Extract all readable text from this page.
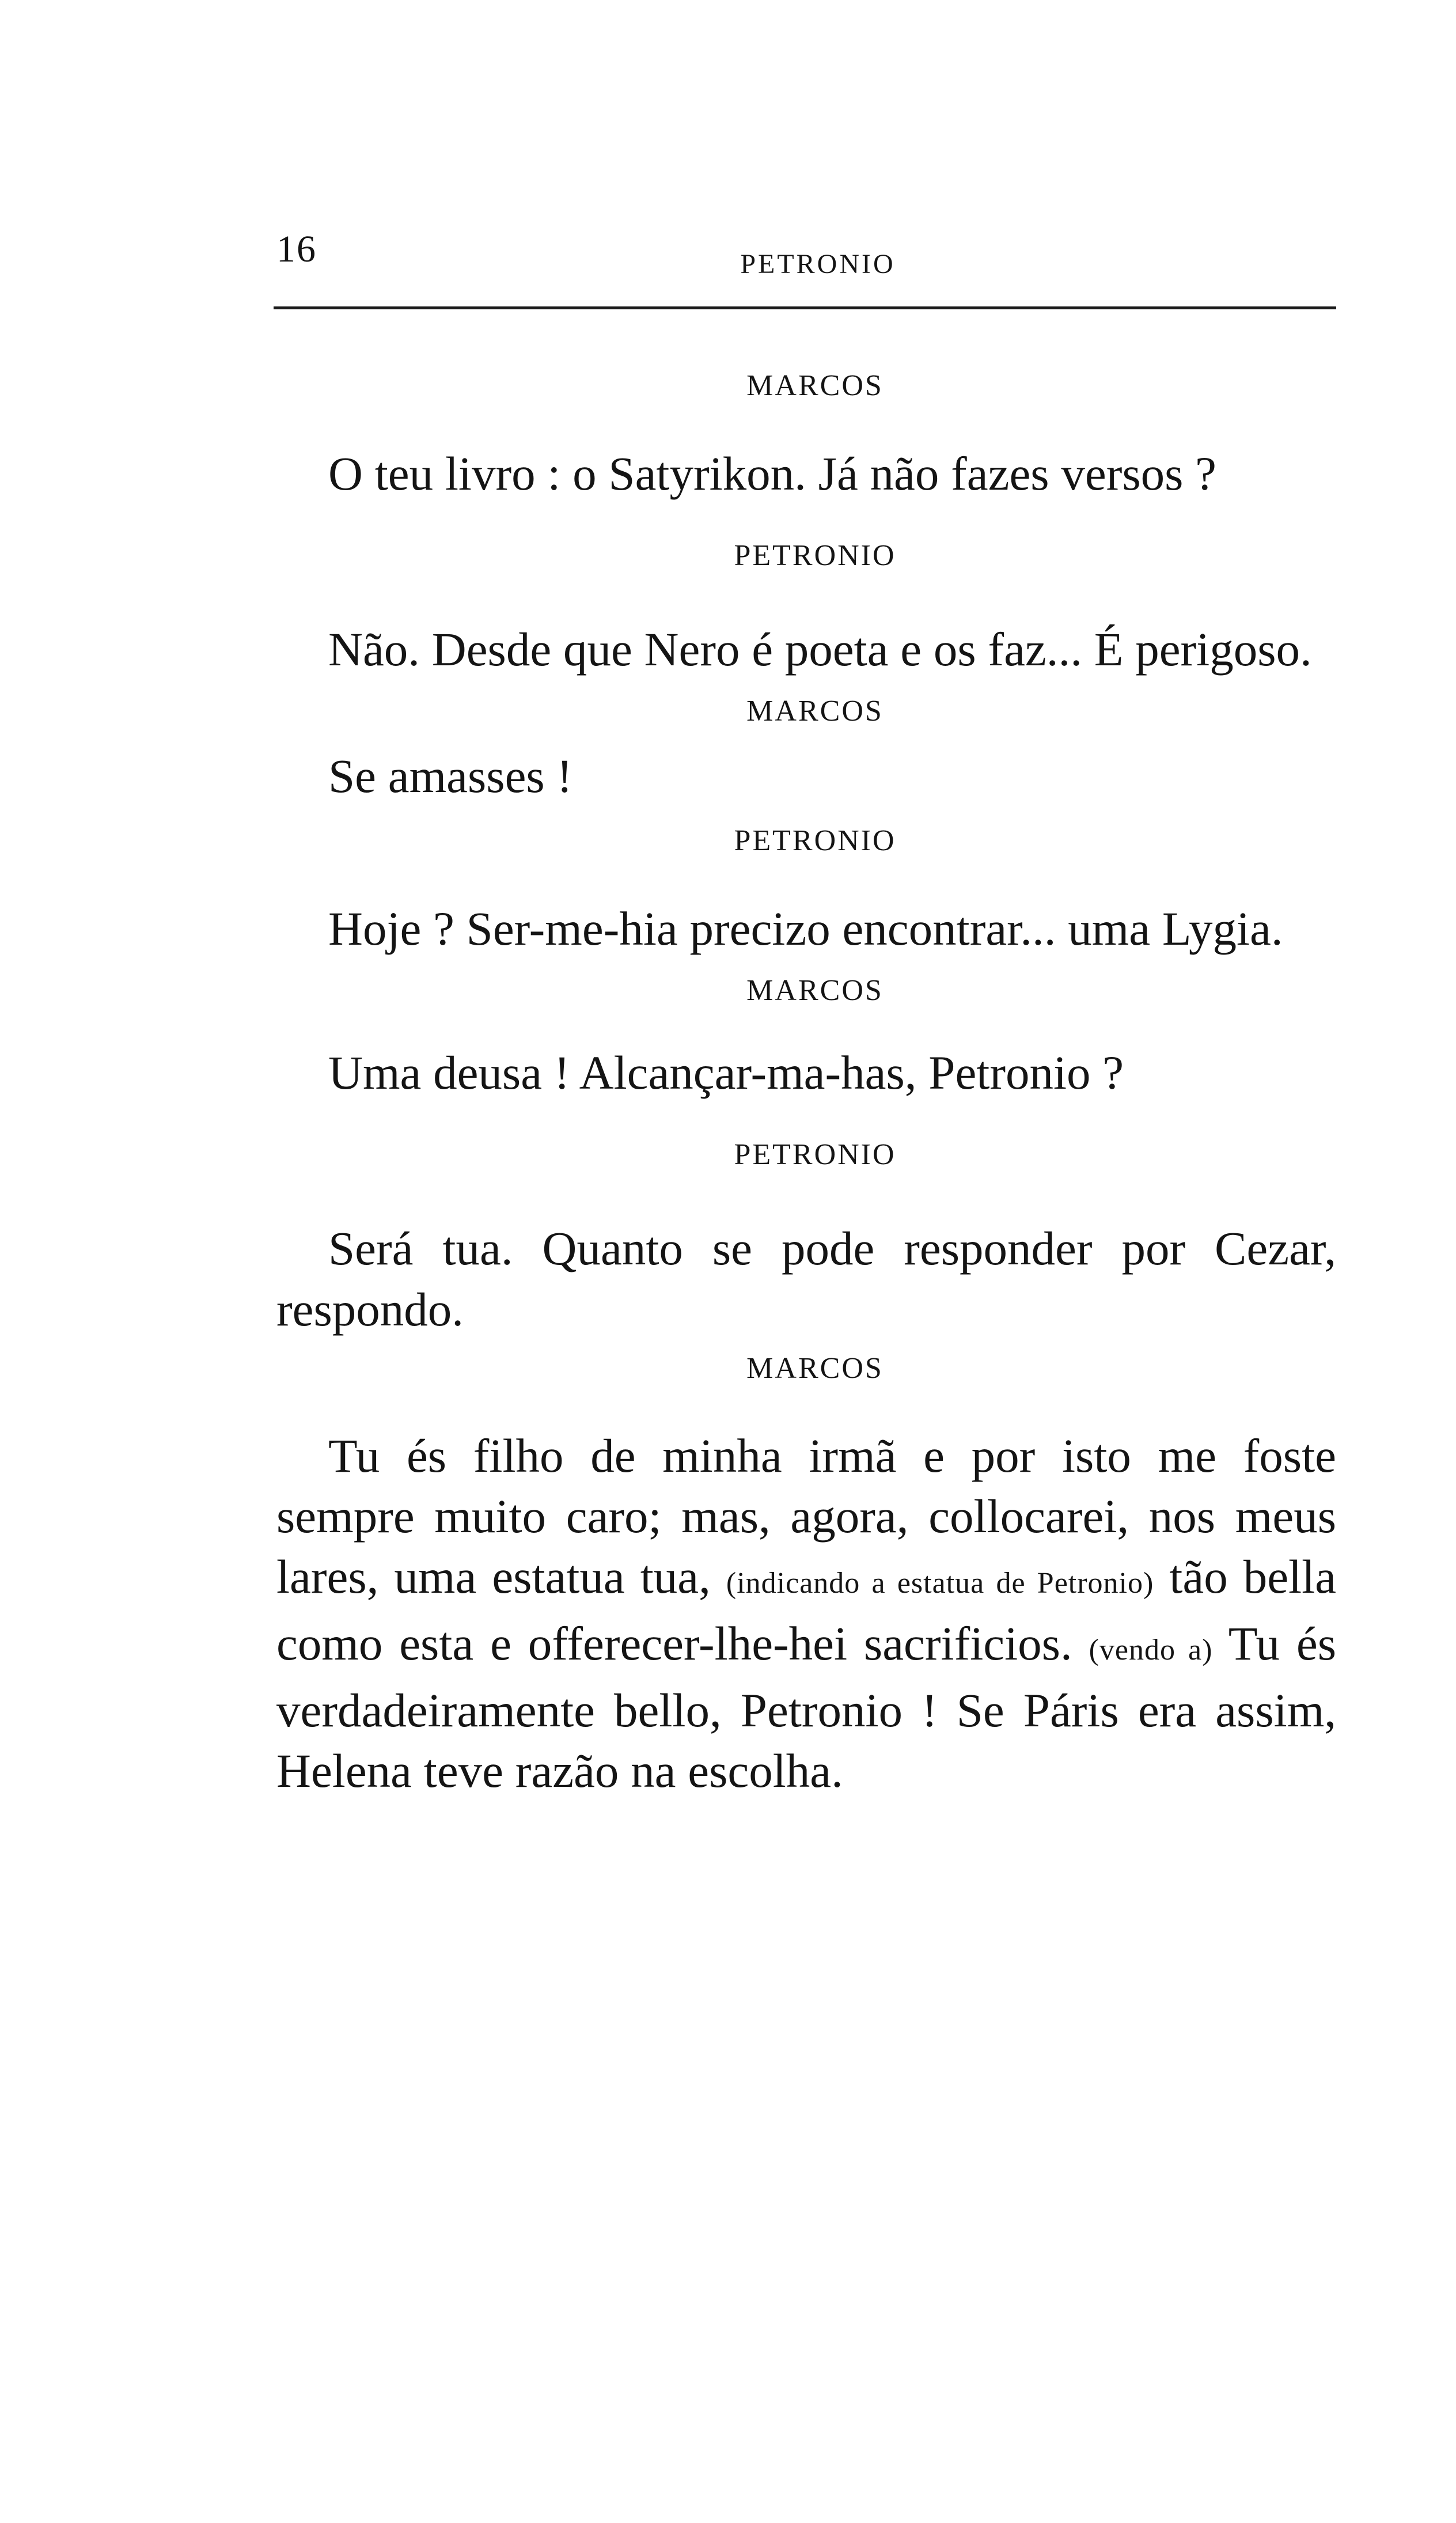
16	PETRONIO
MARCOS

O teu livro : o Satyrikon. Já não fazes versos ?

PETRONIO

Não. Desde que Nero é poeta e os faz... É perigoso.

MARCOS

Se amasses !

PETRONIO

Hoje ? Ser-me-hia precizo encontrar... uma Lygia.

MARCOS

Uma deusa ! Alcançar-ma-has, Petronio ?

PETRONIO

Será tua. Quanto se pode responder por Cezar, respondo.

MARCOS

Tu és filho de minha irmã e por isto me foste sempre muito caro; mas, agora, collocarei, nos meus lares, uma estatua tua, (indicando a estatua de Petronio) tão bella como esta e offerecer-lhe-hei sacrificios. (vendo a) Tu és verdadeiramente bello, Petronio ! Se Páris era assim, Helena teve razão na escolha.
